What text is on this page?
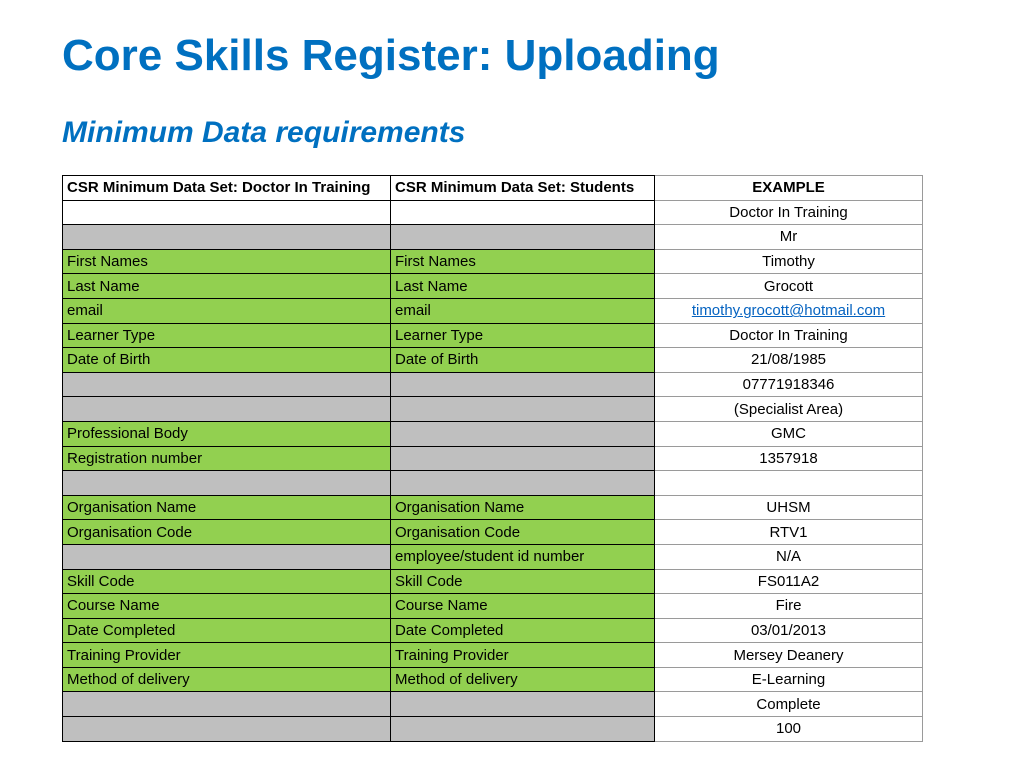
Core Skills Register: Uploading
Minimum Data requirements
CSR Minimum Data Set: Doctor In Training	CSR Minimum Data Set: Students	EXAMPLE
		Doctor In Training
		Mr
First Names	First Names	Timothy
Last Name	Last Name	Grocott
email	email	timothy.grocott@hotmail.com
Learner Type	Learner Type	Doctor In Training
Date of Birth	Date of Birth	21/08/1985
		07771918346
		(Specialist Area)
Professional Body		GMC
Registration number		1357918

Organisation Name	Organisation Name	UHSM
Organisation Code	Organisation Code	RTV1
	employee/student id number	N/A
Skill Code	Skill Code	FS011A2
Course Name	Course Name	Fire
Date Completed	Date Completed	03/01/2013
Training Provider	Training Provider	Mersey Deanery
Method of delivery	Method of delivery	E-Learning
		Complete
		100
